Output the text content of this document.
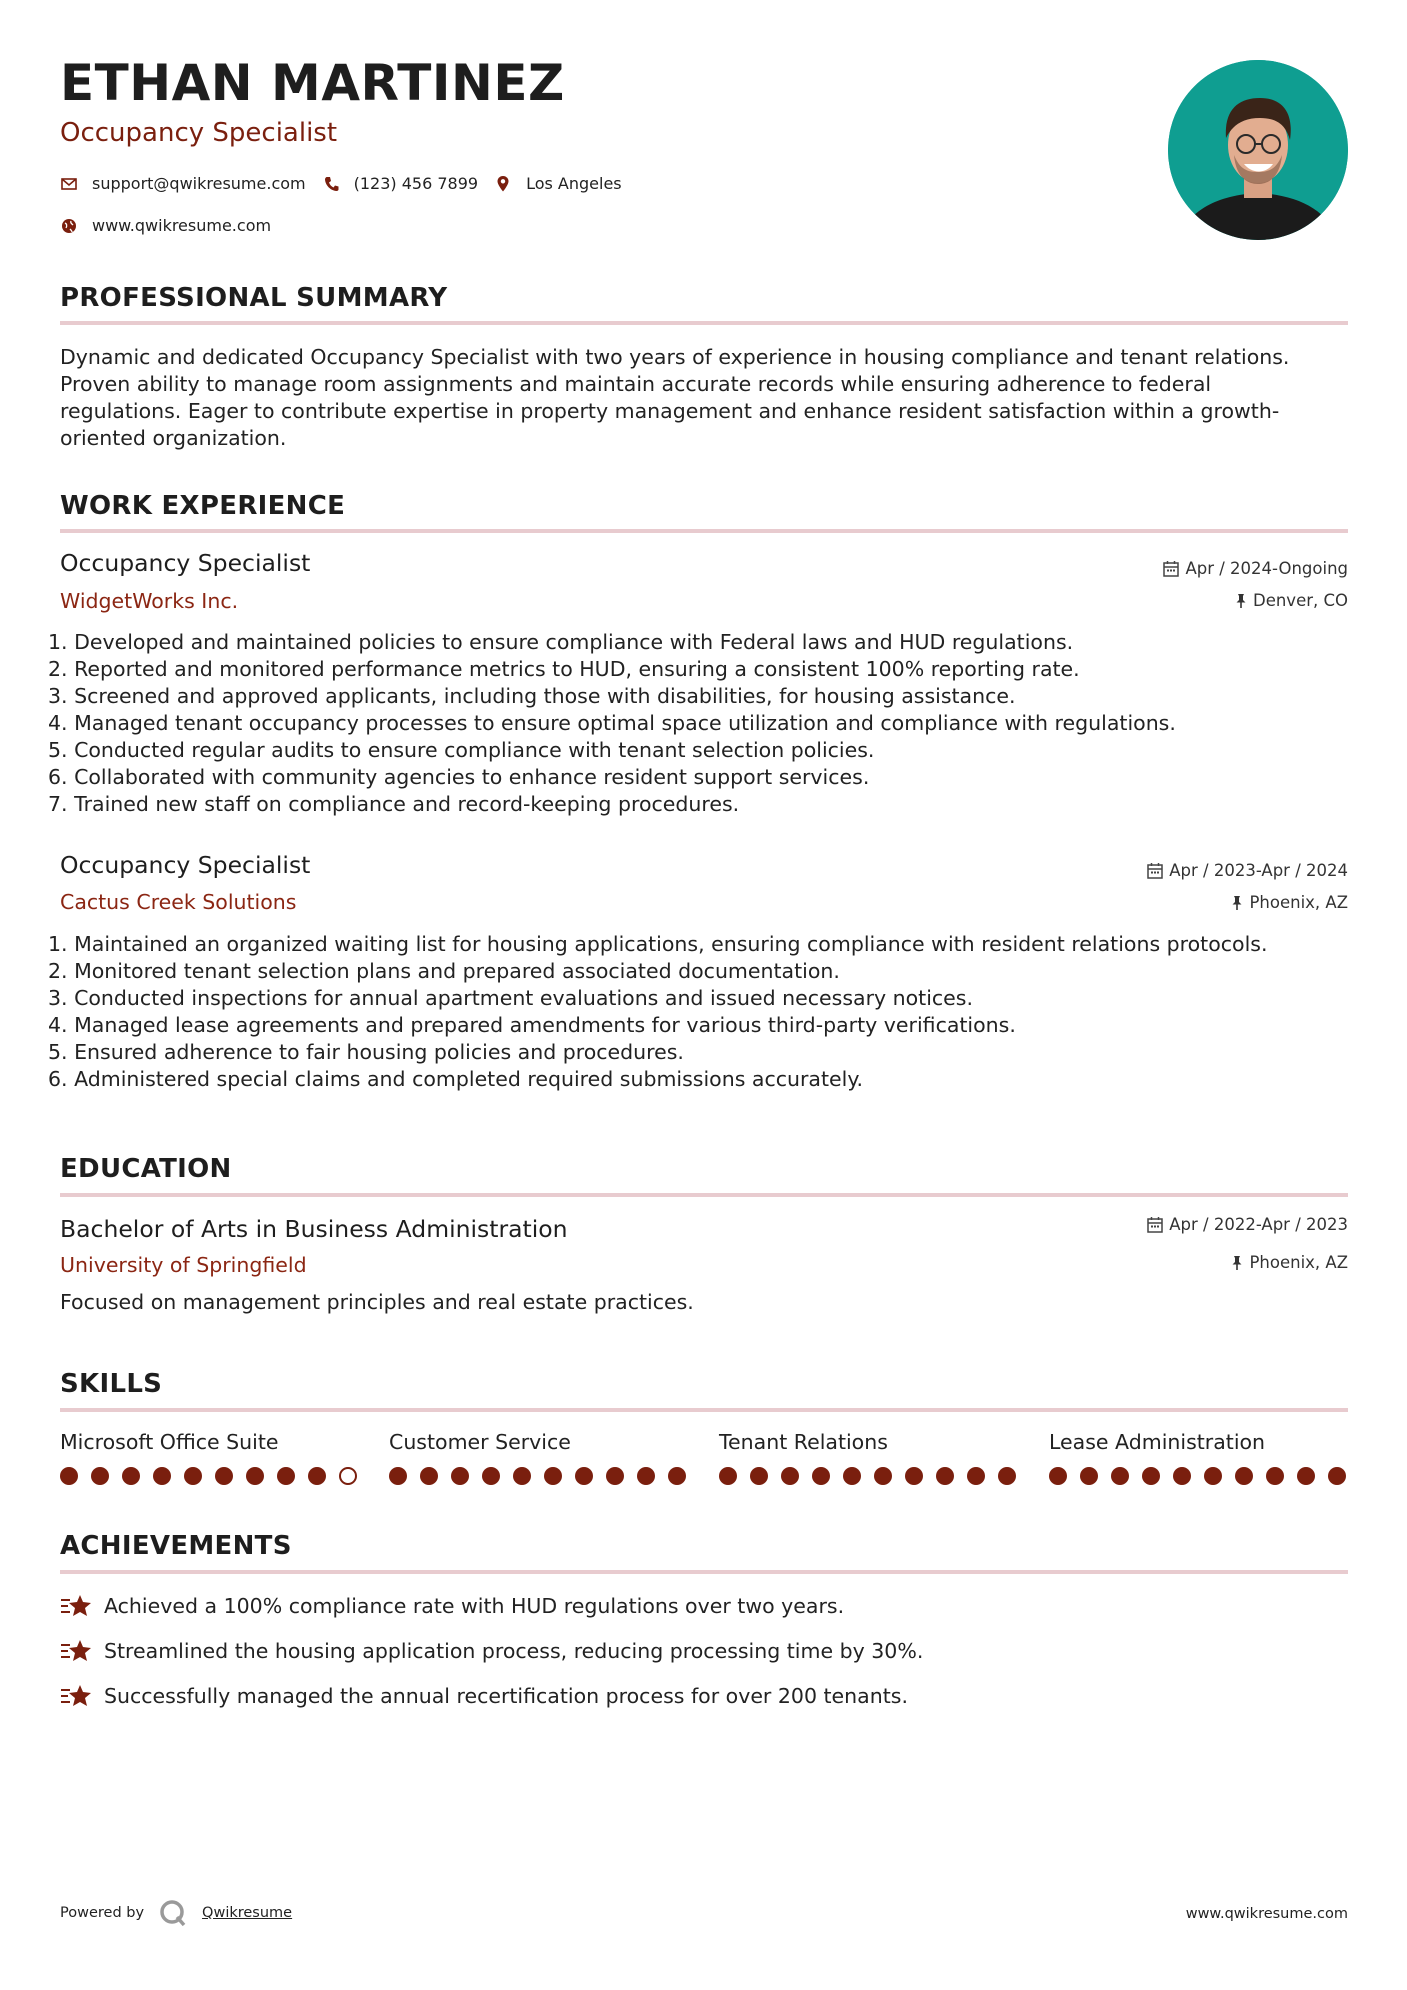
ETHAN MARTINEZ
Occupancy Specialist
support@qwikresume.com	(123) 456 7899	Los Angeles
www.qwikresume.com
PROFESSIONAL SUMMARY
Dynamic and dedicated Occupancy Specialist with two years of experience in housing compliance and tenant relations.
Proven ability to manage room assignments and maintain accurate records while ensuring adherence to federal
regulations. Eager to contribute expertise in property management and enhance resident satisfaction within a growth-
oriented organization.
WORK EXPERIENCE
Occupancy Specialist
WidgetWorks Inc.
Apr / 2024-Ongoing
Denver, CO
1. Developed and maintained policies to ensure compliance with Federal laws and HUD regulations.
2. Reported and monitored performance metrics to HUD, ensuring a consistent 100% reporting rate.
3. Screened and approved applicants, including those with disabilities, for housing assistance.
4. Managed tenant occupancy processes to ensure optimal space utilization and compliance with regulations.
5. Conducted regular audits to ensure compliance with tenant selection policies.
6. Collaborated with community agencies to enhance resident support services.
7. Trained new staff on compliance and record-keeping procedures.
Occupancy Specialist
Cactus Creek Solutions
Apr / 2023-Apr / 2024
Phoenix, AZ
1. Maintained an organized waiting list for housing applications, ensuring compliance with resident relations protocols.
2. Monitored tenant selection plans and prepared associated documentation.
3. Conducted inspections for annual apartment evaluations and issued necessary notices.
4. Managed lease agreements and prepared amendments for various third-party verifications.
5. Ensured adherence to fair housing policies and procedures.
6. Administered special claims and completed required submissions accurately.
EDUCATION
Bachelor of Arts in Business Administration
University of Springfield
Apr / 2022-Apr / 2023
Phoenix, AZ
Focused on management principles and real estate practices.
SKILLS
Microsoft Office Suite	Customer Service	Tenant Relations	Lease Administration
ACHIEVEMENTS
Achieved a 100% compliance rate with HUD regulations over two years.
Streamlined the housing application process, reducing processing time by 30%.
Successfully managed the annual recertification process for over 200 tenants.
Powered by	Qwikresume	www.qwikresume.com
